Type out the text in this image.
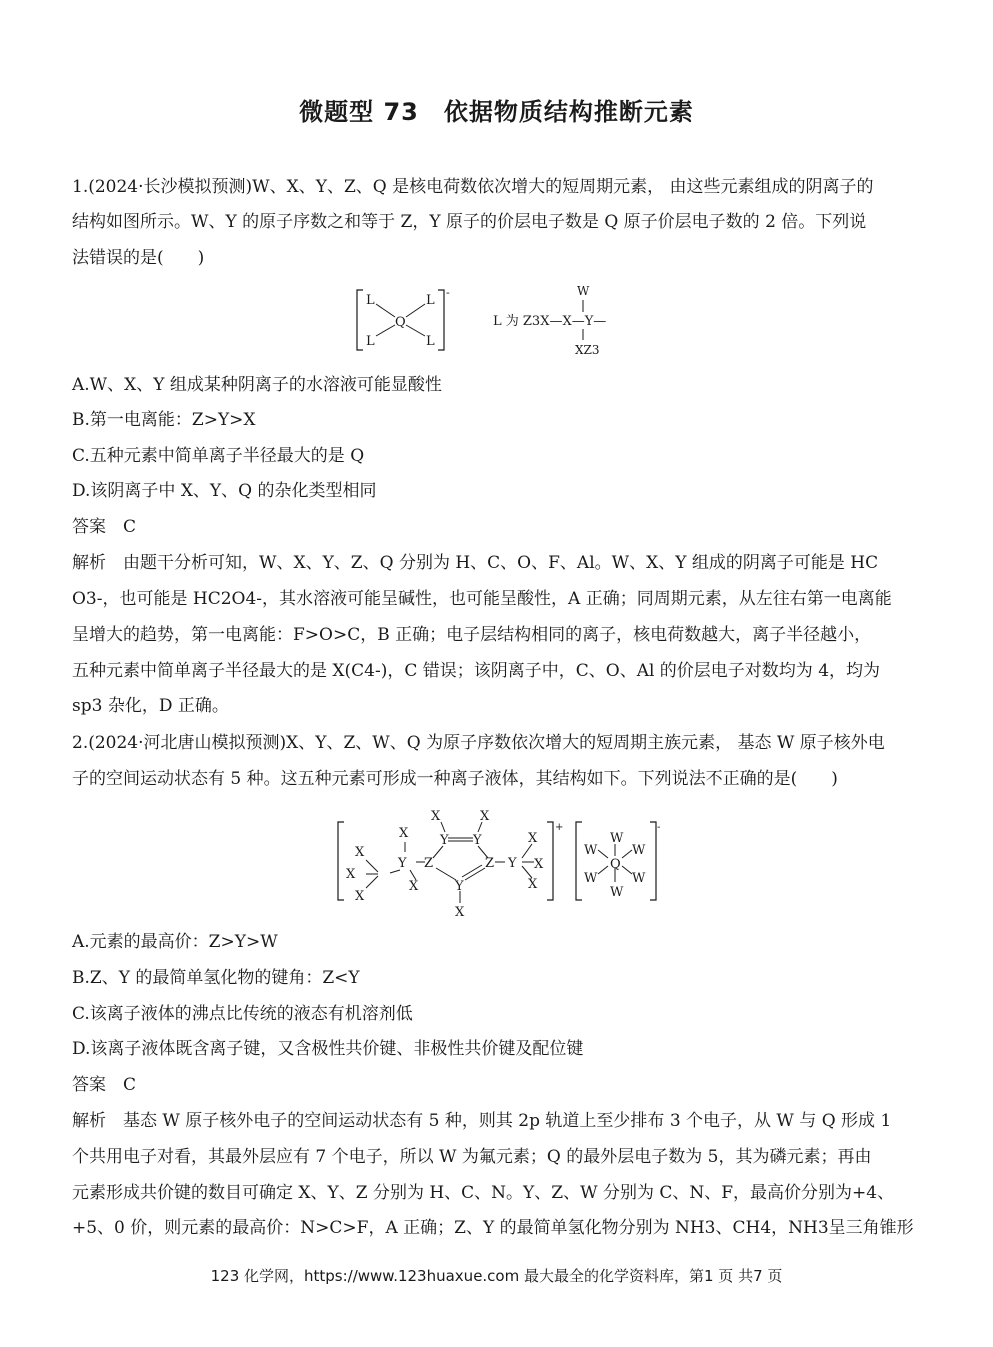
微题型 73　依据物质结构推断元素
1.(2024·长沙模拟预测)W、X、Y、Z、Q 是核电荷数依次增大的短周期元素， 由这些元素组成的阴离子的
结构如图所示。W、Y 的原子序数之和等于 Z，Y 原子的价层电子数是 Q 原子价层电子数的 2 倍。下列说
法错误的是(　　)
-
L	L
L	L
Q	L 为 Z3X—X—Y—
W
XZ3
A.W、X、Y 组成某种阴离子的水溶液可能显酸性
B.第一电离能：Z>Y>X
C.五种元素中简单离子半径最大的是 Q
D.该阴离子中 X、Y、Q 的杂化类型相同
答案　C
解析　由题干分析可知，W、X、Y、Z、Q 分别为 H、C、O、F、Al。W、X、Y 组成的阴离子可能是 HC
O3-，也可能是 HC2O4-，其水溶液可能呈碱性，也可能呈酸性，A 正确；同周期元素，从左往右第一电离能
呈增大的趋势，第一电离能：F>O>C，B 正确；电子层结构相同的离子，核电荷数越大，离子半径越小，
五种元素中简单离子半径最大的是 X(C4-)，C 错误；该阴离子中，C、O、Al 的价层电子对数均为 4，均为
sp3 杂化，D 正确。
2.(2024·河北唐山模拟预测)X、Y、Z、W、Q 为原子序数依次增大的短周期主族元素， 基态 W 原子核外电
子的空间运动状态有 5 种。这五种元素可形成一种离子液体，其结构如下。下列说法不正确的是(　　)
+	-
X	X
Y Y
X
Z	Z
Y	Y
Y
X
X
X
X
X
X
X
X
W
W
W
W
W
W
Q
A.元素的最高价：Z>Y>W
B.Z、Y 的最简单氢化物的键角：Z<Y
C.该离子液体的沸点比传统的液态有机溶剂低
D.该离子液体既含离子键，又含极性共价键、非极性共价键及配位键
答案　C
解析　基态 W 原子核外电子的空间运动状态有 5 种，则其 2p 轨道上至少排布 3 个电子，从 W 与 Q 形成 1
个共用电子对看，其最外层应有 7 个电子，所以 W 为氟元素；Q 的最外层电子数为 5，其为磷元素；再由
元素形成共价键的数目可确定 X、Y、Z 分别为 H、C、N。Y、Z、W 分别为 C、N、F，最高价分别为+4、
+5、0 价，则元素的最高价：N>C>F，A 正确；Z、Y 的最简单氢化物分别为 NH3、CH4，NH3呈三角锥形
123 化学网，https://www.123huaxue.com 最大最全的化学资料库，第1 页 共7 页
